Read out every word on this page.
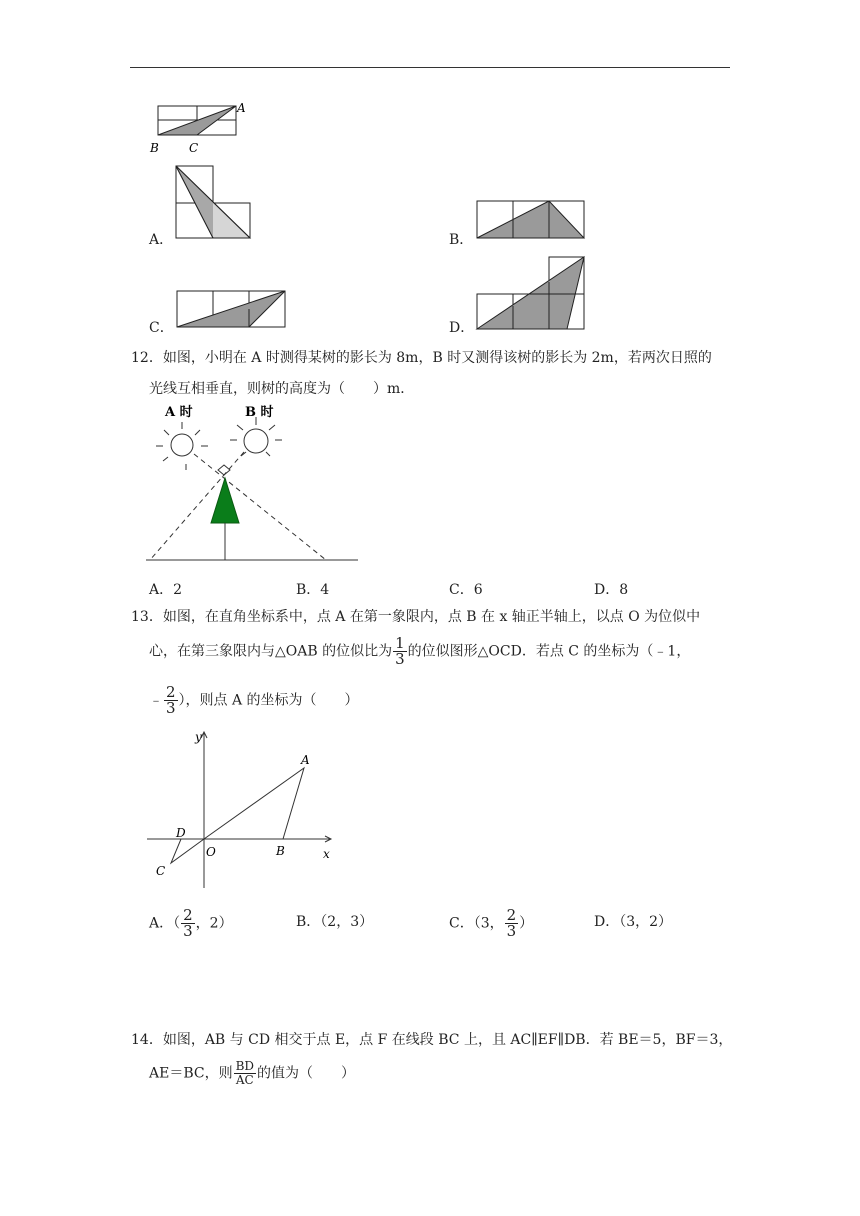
A
B	C
A．	B．
C．	D．
12．如图，小明在 A 时测得某树的影长为 8m，B 时又测得该树的影长为 2m，若两次日照的
光线互相垂直，则树的高度为（　　）m．
A 时	B 时
A．2	B．4	C．6	D．8
13．如图，在直角坐标系中，点 A 在第一象限内，点 B 在 x 轴正半轴上，以点 O 为位似中
心，在第三象限内与△OAB 的位似比为 $\frac{1}{3}$ 的位似图形△OCD．若点 C 的坐标为（﹣1，
﹣ $\frac{2}{3}$ ），则点 A 的坐标为（　　）
y
x
A
B
C
D
O
A．（ $\frac{2}{3}$ ，2）	B．（2，3）	C．（3， $\frac{2}{3}$ ）	D．（3，2）
14．如图，AB 与 CD 相交于点 E，点 F 在线段 BC 上，且 AC∥EF∥DB．若 BE＝5，BF＝3，
AE＝BC，则 $\frac{BD}{AC}$ 的值为（　　）
